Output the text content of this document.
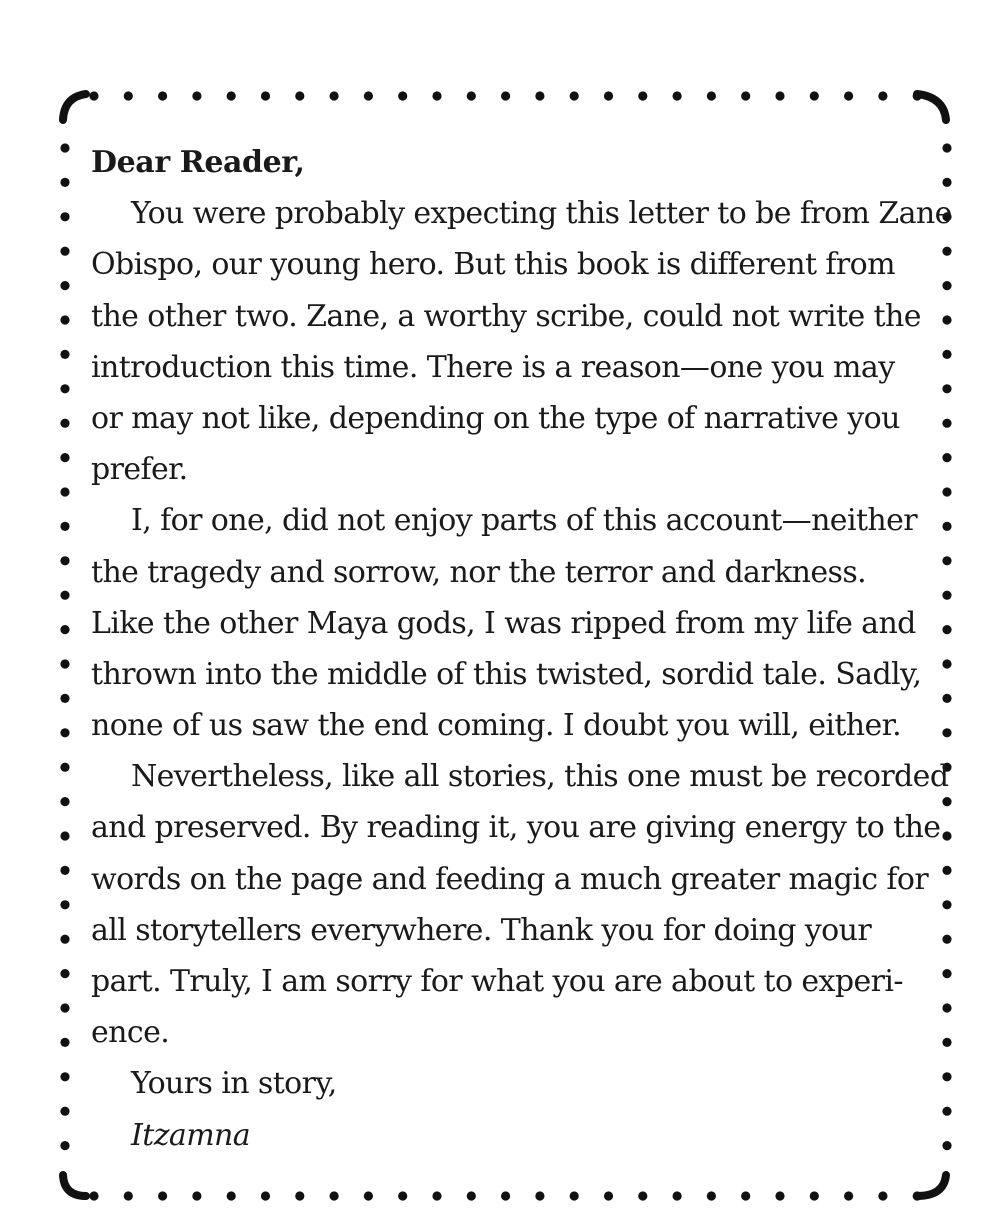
Dear Reader,
You were probably expecting this letter to be from Zane
Obispo, our young hero. But this book is different from
the other two. Zane, a worthy scribe, could not write the
introduction this time. There is a reason—one you may
or may not like, depending on the type of narrative you
prefer.
I, for one, did not enjoy parts of this account—neither
the tragedy and sorrow, nor the terror and darkness.
Like the other Maya gods, I was ripped from my life and
thrown into the middle of this twisted, sordid tale. Sadly,
none of us saw the end coming. I doubt you will, either.
Nevertheless, like all stories, this one must be recorded
and preserved. By reading it, you are giving energy to the
words on the page and feeding a much greater magic for
all storytellers everywhere. Thank you for doing your
part. Truly, I am sorry for what you are about to experi-
ence.
Yours in story,
Itzamna
